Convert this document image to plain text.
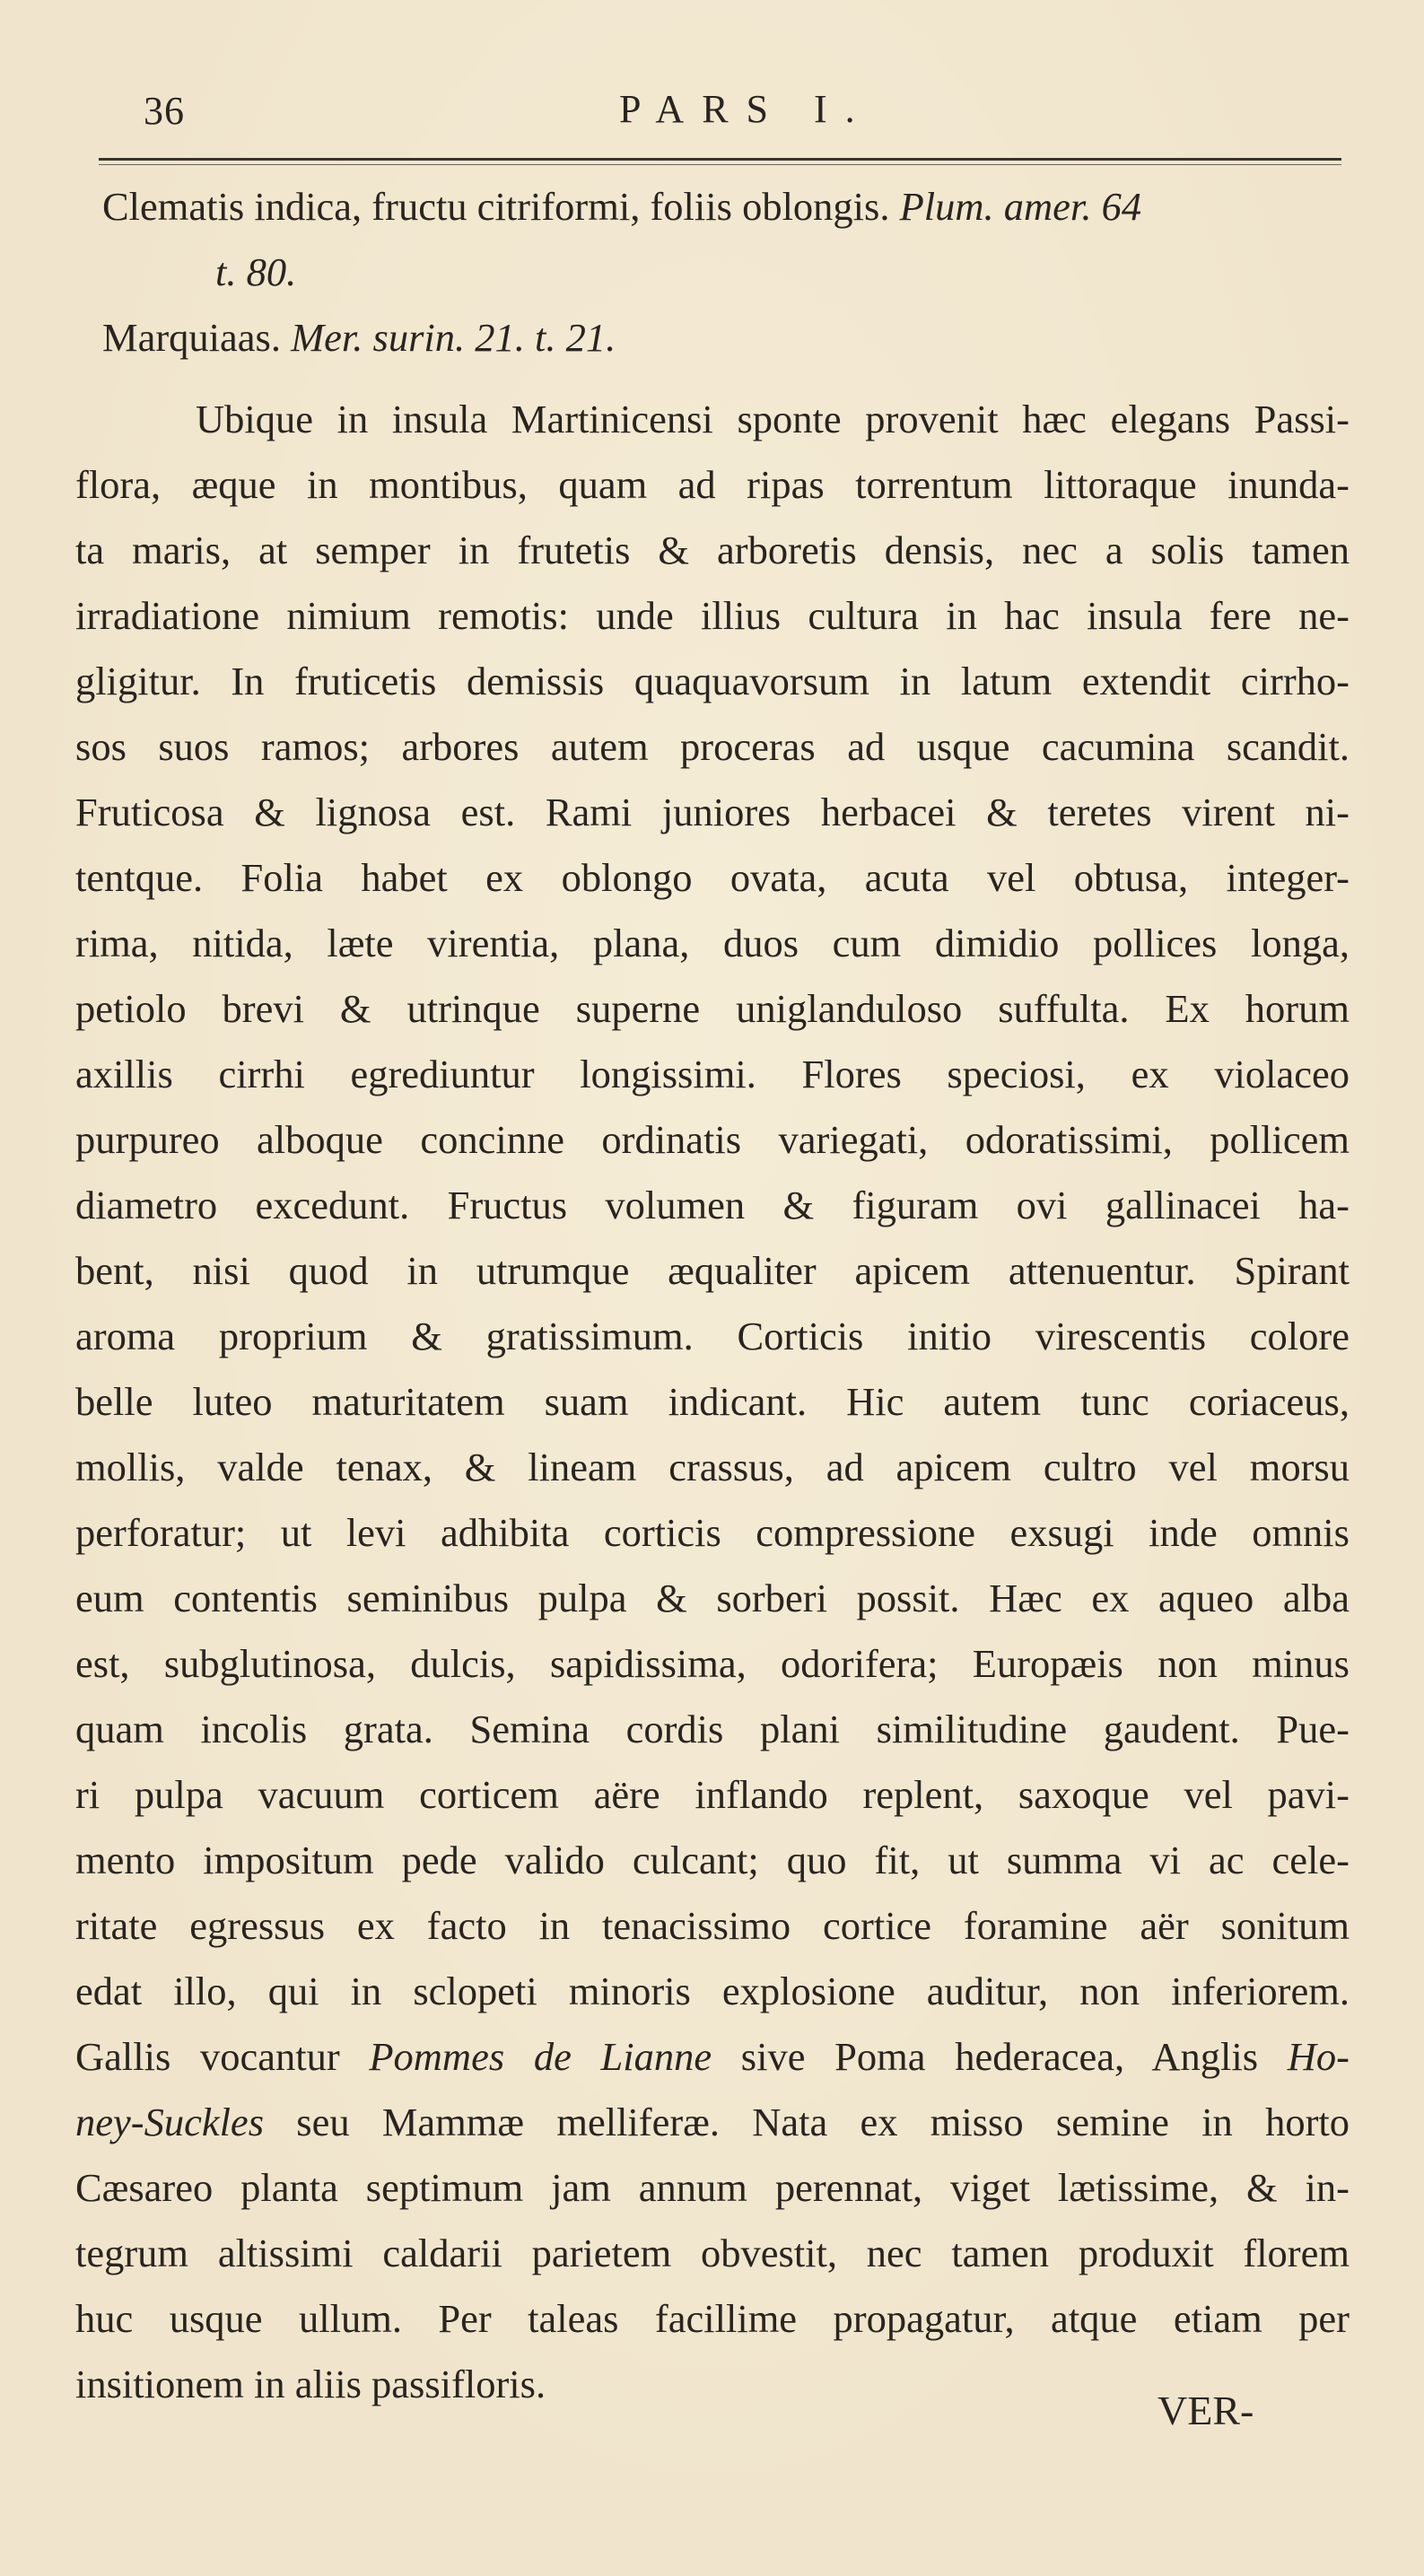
36	PARS I.
Clematis indica, fructu citriformi, foliis oblongis. Plum. amer. 64
t. 80.
Marquiaas. Mer. surin. 21. t. 21.
Ubique in insula Martinicensi sponte provenit hæc elegans Passi-
flora, æque in montibus, quam ad ripas torrentum littoraque inunda-
ta maris, at semper in frutetis & arboretis densis, nec a solis tamen
irradiatione nimium remotis: unde illius cultura in hac insula fere ne-
gligitur. In fruticetis demissis quaquavorsum in latum extendit cirrho-
sos suos ramos; arbores autem proceras ad usque cacumina scandit.
Fruticosa & lignosa est. Rami juniores herbacei & teretes virent ni-
tentque. Folia habet ex oblongo ovata, acuta vel obtusa, integer-
rima, nitida, læte virentia, plana, duos cum dimidio pollices longa,
petiolo brevi & utrinque superne uniglandulosо suffulta. Ex horum
axillis cirrhi egrediuntur longissimi. Flores speciosi, ex violaceo
purpureo alboque concinne ordinatis variegati, odoratissimi, pollicem
diametro excedunt. Fructus volumen & figuram ovi gallinacei ha-
bent, nisi quod in utrumque æqualiter apicem attenuentur. Spirant
aroma proprium & gratissimum. Corticis initio virescentis colore
belle luteo maturitatem suam indicant. Hic autem tunc coriaceus,
mollis, valde tenax, & lineam crassus, ad apicem cultro vel morsu
perforatur; ut levi adhibita corticis compressione exsugi inde omnis
eum contentis seminibus pulpa & sorberi possit. Hæc ex aqueo alba
est, subglutinosa, dulcis, sapidissima, odorifera; Europæis non minus
quam incolis grata. Semina cordis plani similitudine gaudent. Pue-
ri pulpa vacuum corticem aëre inflando replent, saxoque vel pavi-
mento impositum pede valido culcant; quo fit, ut summa vi ac cele-
ritate egressus ex facto in tenacissimo cortice foramine aër sonitum
edat illo, qui in sclopeti minoris explosione auditur, non inferiorem.
Gallis vocantur Pommes de Lianne sive Poma hederacea, Anglis Ho-
ney-Suckles seu Mammæ melliferæ. Nata ex misso semine in horto
Cæsareo planta septimum jam annum perennat, viget lætissime, & in-
tegrum altissimi caldarii parietem obvestit, nec tamen produxit florem
huc usque ullum. Per taleas facillime propagatur, atque etiam per
insitionem in aliis passifloris.
VER-
